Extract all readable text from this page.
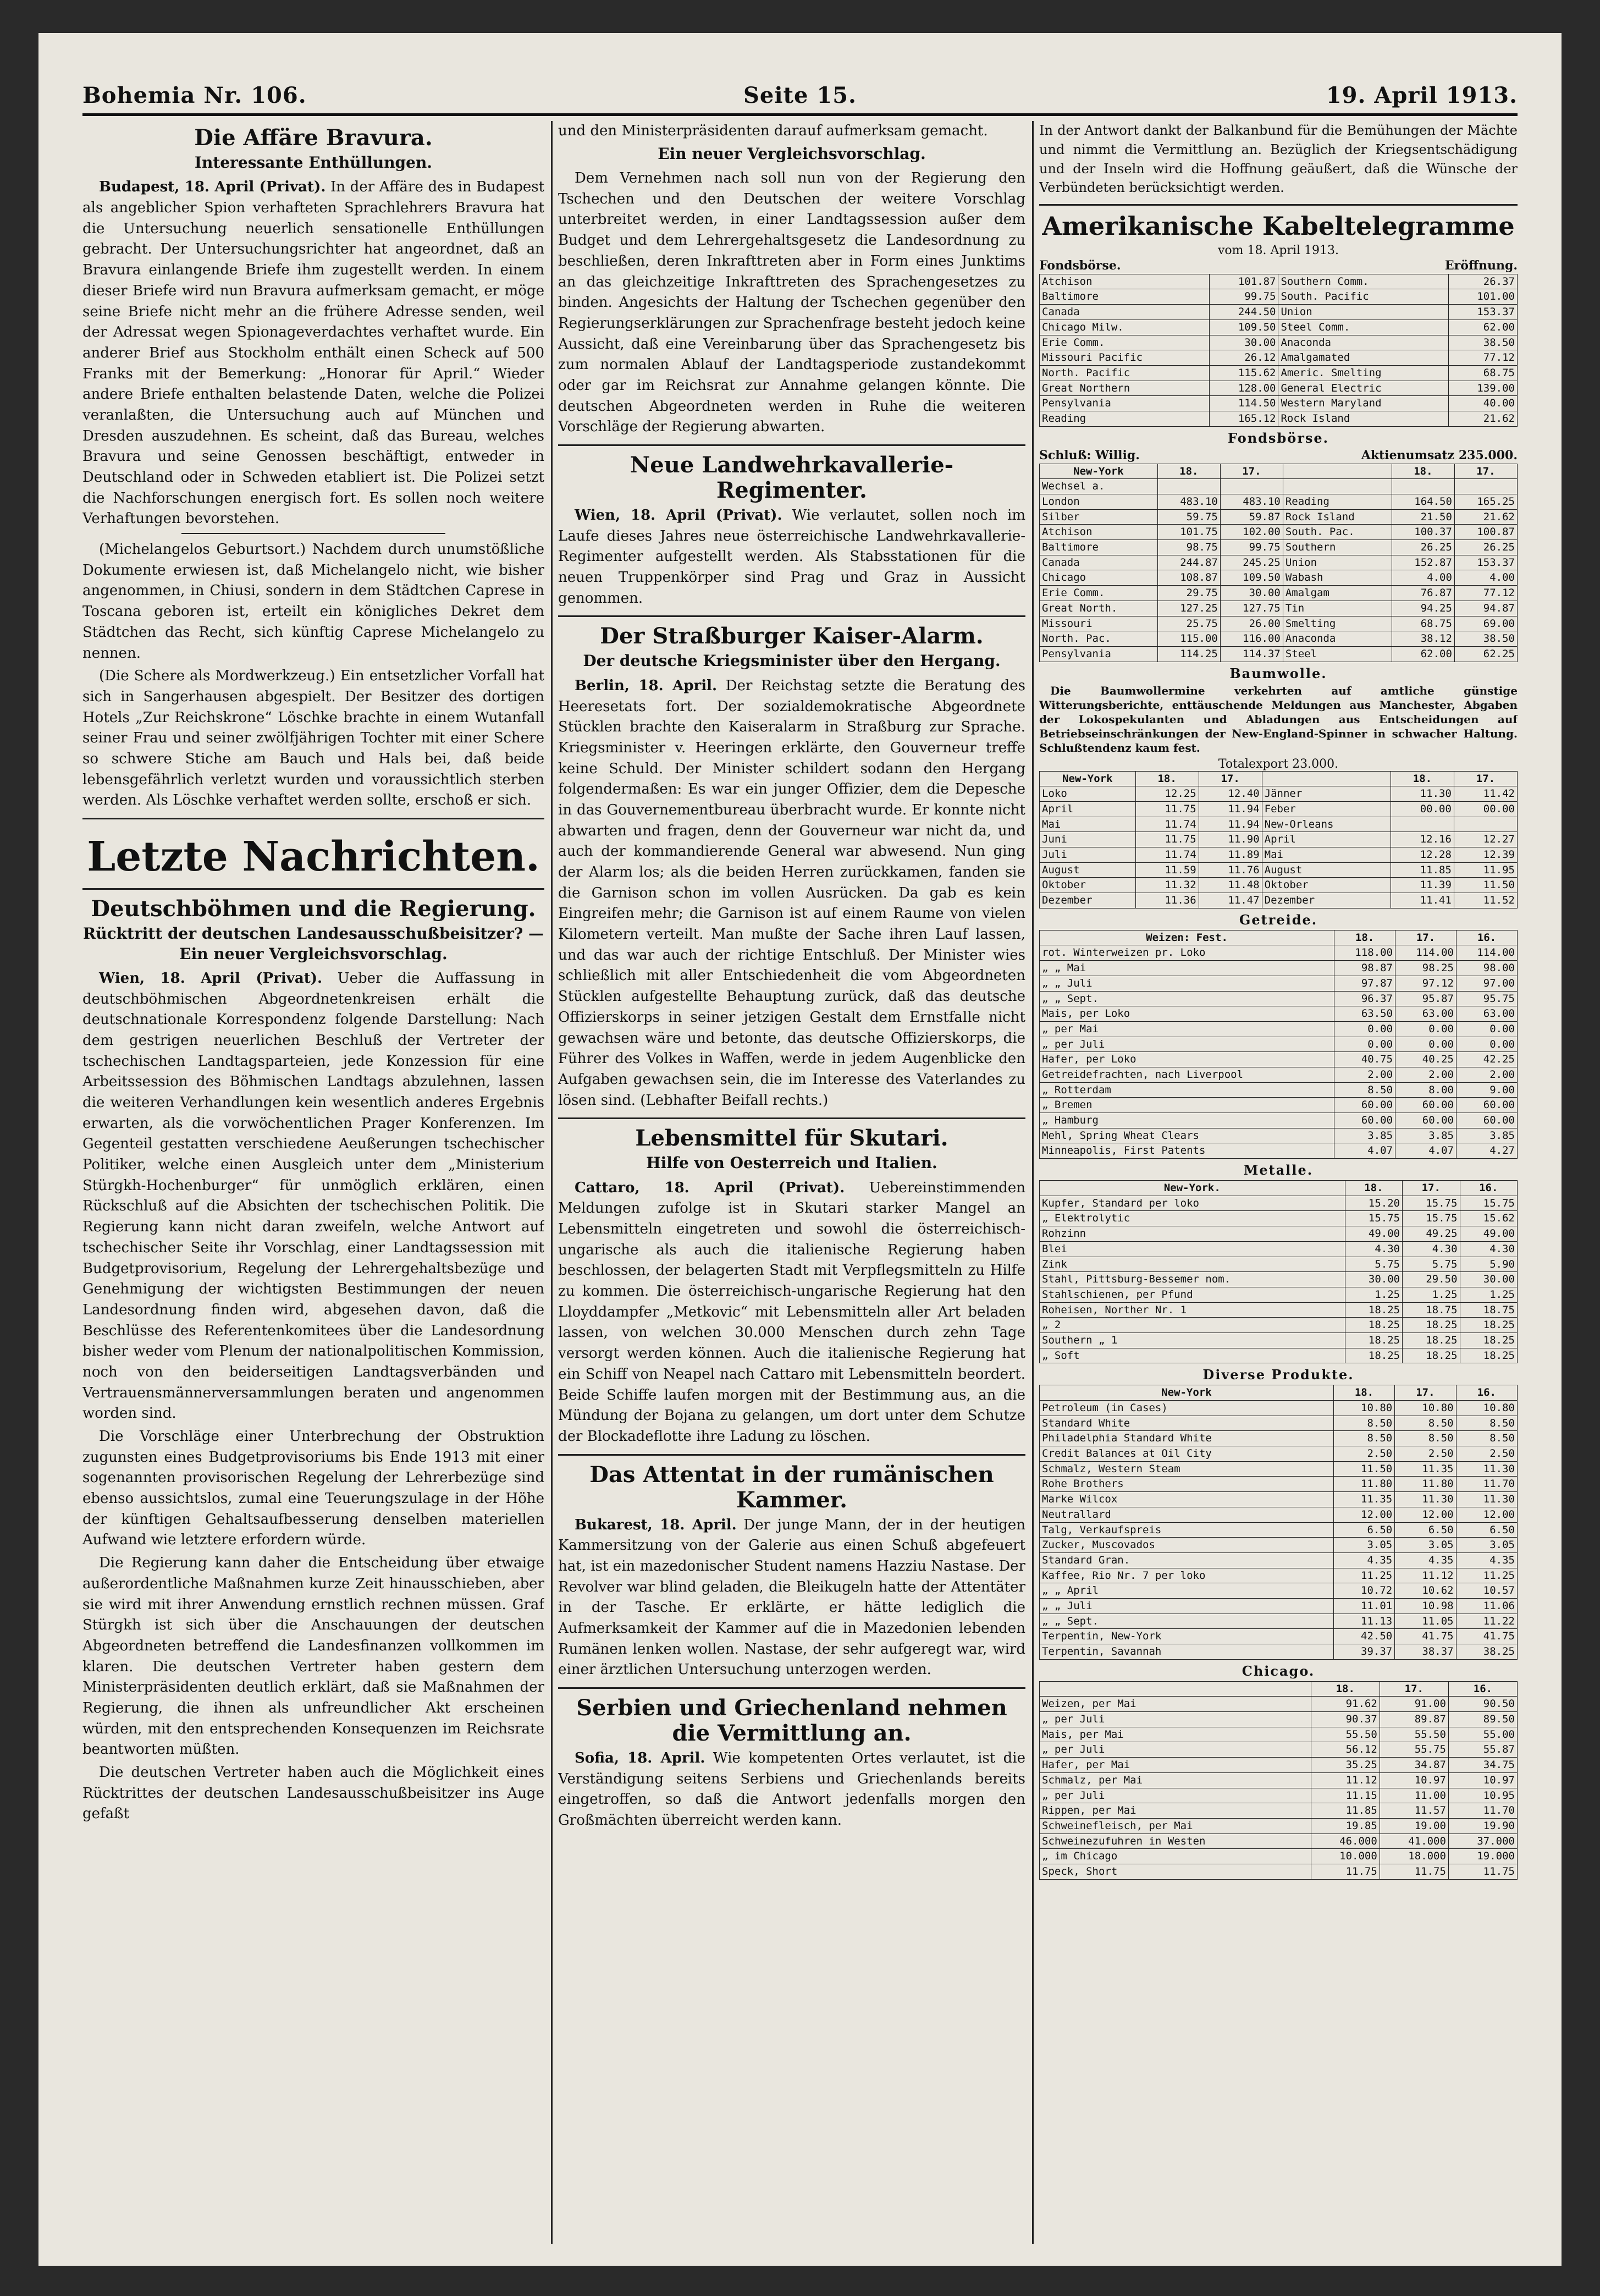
Bohemia Nr. 106.	Seite 15.	19. April 1913.
Die Affäre Bravura.
Interessante Enthüllungen.

Budapest, 18. April (Privat). In der Affäre des in Budapest als angeblicher Spion verhafteten Sprachlehrers Bravura hat die Untersuchung neuerlich sensationelle Enthüllungen gebracht. Der Untersuchungsrichter hat angeordnet, daß an Bravura einlangende Briefe ihm zugestellt werden. In einem dieser Briefe wird nun Bravura aufmerksam gemacht, er möge seine Briefe nicht mehr an die frühere Adresse senden, weil der Adressat wegen Spionageverdachtes verhaftet wurde. Ein anderer Brief aus Stockholm enthält einen Scheck auf 500 Franks mit der Bemerkung: „Honorar für April.“ Wieder andere Briefe enthalten belastende Daten, welche die Polizei veranlaßten, die Untersuchung auch auf München und Dresden auszudehnen. Es scheint, daß das Bureau, welches Bravura und seine Genossen beschäftigt, entweder in Deutschland oder in Schweden etabliert ist. Die Polizei setzt die Nachforschungen energisch fort. Es sollen noch weitere Verhaftungen bevorstehen.

(Michelangelos Geburtsort.) Nachdem durch unumstößliche Dokumente erwiesen ist, daß Michelangelo nicht, wie bisher angenommen, in Chiusi, sondern in dem Städtchen Caprese in Toscana geboren ist, erteilt ein königliches Dekret dem Städtchen das Recht, sich künftig Caprese Michelangelo zu nennen.

(Die Schere als Mordwerkzeug.) Ein entsetzlicher Vorfall hat sich in Sangerhausen abgespielt. Der Besitzer des dortigen Hotels „Zur Reichskrone“ Löschke brachte in einem Wutanfall seiner Frau und seiner zwölfjährigen Tochter mit einer Schere so schwere Stiche am Bauch und Hals bei, daß beide lebensgefährlich verletzt wurden und voraussichtlich sterben werden. Als Löschke verhaftet werden sollte, erschoß er sich.

Letzte Nachrichten.
Deutschböhmen und die Regierung.
Rücktritt der deutschen Landesausschußbeisitzer? — Ein neuer Vergleichsvorschlag.

Wien, 18. April (Privat). Ueber die Auffassung in deutschböhmischen Abgeordnetenkreisen erhält die deutschnationale Korrespondenz folgende Darstellung: Nach dem gestrigen neuerlichen Beschluß der Vertreter der tschechischen Landtagsparteien, jede Konzession für eine Arbeitssession des Böhmischen Landtags abzulehnen, lassen die weiteren Verhandlungen kein wesentlich anderes Ergebnis erwarten, als die vorwöchentlichen Prager Konferenzen. Im Gegenteil gestatten verschiedene Aeußerungen tschechischer Politiker, welche einen Ausgleich unter dem „Ministerium Stürgkh-Hochenburger“ für unmöglich erklären, einen Rückschluß auf die Absichten der tschechischen Politik. Die Regierung kann nicht daran zweifeln, welche Antwort auf tschechischer Seite ihr Vorschlag, einer Landtagssession mit Budgetprovisorium, Regelung der Lehrergehaltsbezüge und Genehmigung der wichtigsten Bestimmungen der neuen Landesordnung finden wird, abgesehen davon, daß die Beschlüsse des Referentenkomitees über die Landesordnung bisher weder vom Plenum der nationalpolitischen Kommission, noch von den beiderseitigen Landtagsverbänden und Vertrauensmännerversammlungen beraten und angenommen worden sind.

Die Vorschläge einer Unterbrechung der Obstruktion zugunsten eines Budgetprovisoriums bis Ende 1913 mit einer sogenannten provisorischen Regelung der Lehrerbezüge sind ebenso aussichtslos, zumal eine Teuerungszulage in der Höhe der künftigen Gehaltsaufbesserung denselben materiellen Aufwand wie letztere erfordern würde.

Die Regierung kann daher die Entscheidung über etwaige außerordentliche Maßnahmen kurze Zeit hinausschieben, aber sie wird mit ihrer Anwendung ernstlich rechnen müssen. Graf Stürgkh ist sich über die Anschauungen der deutschen Abgeordneten betreffend die Landesfinanzen vollkommen im klaren. Die deutschen Vertreter haben gestern dem Ministerpräsidenten deutlich erklärt, daß sie Maßnahmen der Regierung, die ihnen als unfreundlicher Akt erscheinen würden, mit den entsprechenden Konsequenzen im Reichsrate beantworten müßten.

Die deutschen Vertreter haben auch die Möglichkeit eines Rücktrittes der deutschen Landesausschußbeisitzer ins Auge gefaßt

und den Ministerpräsidenten darauf aufmerksam gemacht.

Ein neuer Vergleichsvorschlag.

Dem Vernehmen nach soll nun von der Regierung den Tschechen und den Deutschen der weitere Vorschlag unterbreitet werden, in einer Landtagssession außer dem Budget und dem Lehrergehaltsgesetz die Landesordnung zu beschließen, deren Inkrafttreten aber in Form eines Junktims an das gleichzeitige Inkrafttreten des Sprachengesetzes zu binden. Angesichts der Haltung der Tschechen gegenüber den Regierungserklärungen zur Sprachenfrage besteht jedoch keine Aussicht, daß eine Vereinbarung über das Sprachengesetz bis zum normalen Ablauf der Landtagsperiode zustandekommt oder gar im Reichsrat zur Annahme gelangen könnte. Die deutschen Abgeordneten werden in Ruhe die weiteren Vorschläge der Regierung abwarten.

Neue Landwehrkavallerie-Regimenter.

Wien, 18. April (Privat). Wie verlautet, sollen noch im Laufe dieses Jahres neue österreichische Landwehrkavallerie-Regimenter aufgestellt werden. Als Stabsstationen für die neuen Truppenkörper sind Prag und Graz in Aussicht genommen.

Der Straßburger Kaiser-Alarm.
Der deutsche Kriegsminister über den Hergang.

Berlin, 18. April. Der Reichstag setzte die Beratung des Heeresetats fort. Der sozialdemokratische Abgeordnete Stücklen brachte den Kaiseralarm in Straßburg zur Sprache. Kriegsminister v. Heeringen erklärte, den Gouverneur treffe keine Schuld. Der Minister schildert sodann den Hergang folgendermaßen: Es war ein junger Offizier, dem die Depesche in das Gouvernementbureau überbracht wurde. Er konnte nicht abwarten und fragen, denn der Gouverneur war nicht da, und auch der kommandierende General war abwesend. Nun ging der Alarm los; als die beiden Herren zurückkamen, fanden sie die Garnison schon im vollen Ausrücken. Da gab es kein Eingreifen mehr; die Garnison ist auf einem Raume von vielen Kilometern verteilt. Man mußte der Sache ihren Lauf lassen, und das war auch der richtige Entschluß. Der Minister wies schließlich mit aller Entschiedenheit die vom Abgeordneten Stücklen aufgestellte Behauptung zurück, daß das deutsche Offizierskorps in seiner jetzigen Gestalt dem Ernstfalle nicht gewachsen wäre und betonte, das deutsche Offizierskorps, die Führer des Volkes in Waffen, werde in jedem Augenblicke den Aufgaben gewachsen sein, die im Interesse des Vaterlandes zu lösen sind. (Lebhafter Beifall rechts.)

Lebensmittel für Skutari.
Hilfe von Oesterreich und Italien.

Cattaro, 18. April (Privat). Uebereinstimmenden Meldungen zufolge ist in Skutari starker Mangel an Lebensmitteln eingetreten und sowohl die österreichisch-ungarische als auch die italienische Regierung haben beschlossen, der belagerten Stadt mit Verpflegsmitteln zu Hilfe zu kommen. Die österreichisch-ungarische Regierung hat den Lloyddampfer „Metkovic“ mit Lebensmitteln aller Art beladen lassen, von welchen 30.000 Menschen durch zehn Tage versorgt werden können. Auch die italienische Regierung hat ein Schiff von Neapel nach Cattaro mit Lebensmitteln beordert. Beide Schiffe laufen morgen mit der Bestimmung aus, an die Mündung der Bojana zu gelangen, um dort unter dem Schutze der Blockadeflotte ihre Ladung zu löschen.

Das Attentat in der rumänischen Kammer.

Bukarest, 18. April. Der junge Mann, der in der heutigen Kammersitzung von der Galerie aus einen Schuß abgefeuert hat, ist ein mazedonischer Student namens Hazziu Nastase. Der Revolver war blind geladen, die Bleikugeln hatte der Attentäter in der Tasche. Er erklärte, er hätte lediglich die Aufmerksamkeit der Kammer auf die in Mazedonien lebenden Rumänen lenken wollen. Nastase, der sehr aufgeregt war, wird einer ärztlichen Untersuchung unterzogen werden.

Serbien und Griechenland nehmen die Vermittlung an.

Sofia, 18. April. Wie kompetenten Ortes verlautet, ist die Verständigung seitens Serbiens und Griechenlands bereits eingetroffen, so daß die Antwort jedenfalls morgen den Großmächten überreicht werden kann.

In der Antwort dankt der Balkanbund für die Bemühungen der Mächte und nimmt die Vermittlung an. Bezüglich der Kriegsentschädigung und der Inseln wird die Hoffnung geäußert, daß die Wünsche der Verbündeten berücksichtigt werden.

Amerikanische Kabeltelegramme
vom 18. April 1913.
Fondsbörse.	Eröffnung.
Atchison	101.87	Southern Comm.	26.37
Baltimore	99.75	South. Pacific	101.00
Canada	244.50	Union	153.37
Chicago Milw.	109.50	Steel Comm.	62.00
Erie Comm.	30.00	Anaconda	38.50
Missouri Pacific	26.12	Amalgamated	77.12
North. Pacific	115.62	Americ. Smelting	68.75
Great Northern	128.00	General Electric	139.00
Pensylvania	114.50	Western Maryland	40.00
Reading	165.12	Rock Island	21.62
Fondsbörse.
Schluß: Willig.	Aktienumsatz 235.000.
New-York	18.	17.		18.	17.
Wechsel a.					
London	483.10	483.10	Reading	164.50	165.25
Silber	59.75	59.87	Rock Island	21.50	21.62
Atchison	101.75	102.00	South. Pac.	100.37	100.87
Baltimore	98.75	99.75	Southern	26.25	26.25
Canada	244.87	245.25	Union	152.87	153.37
Chicago	108.87	109.50	Wabash	4.00	4.00
Erie Comm.	29.75	30.00	Amalgam	76.87	77.12
Great North.	127.25	127.75	Tin	94.25	94.87
Missouri	25.75	26.00	Smelting	68.75	69.00
North. Pac.	115.00	116.00	Anaconda	38.12	38.50
Pensylvania	114.25	114.37	Steel	62.00	62.25
Baumwolle.

Die Baumwollermine verkehrten auf amtliche günstige Witterungsberichte, enttäuschende Meldungen aus Manchester, Abgaben der Lokospekulanten und Abladungen aus Entscheidungen auf Betriebseinschränkungen der New-England-Spinner in schwacher Haltung. Schlußtendenz kaum fest.

Totalexport 23.000.
New-York	18.	17.		18.	17.
Loko	12.25	12.40	Jänner	11.30	11.42
April	11.75	11.94	Feber	00.00	00.00
Mai	11.74	11.94	New-Orleans		
Juni	11.75	11.90	April	12.16	12.27
Juli	11.74	11.89	Mai	12.28	12.39
August	11.59	11.76	August	11.85	11.95
Oktober	11.32	11.48	Oktober	11.39	11.50
Dezember	11.36	11.47	Dezember	11.41	11.52
Getreide.
Weizen: Fest.	18.	17.	16.
rot. Winterweizen pr. Loko	118.00	114.00	114.00
„ „ Mai	98.87	98.25	98.00
„ „ Juli	97.87	97.12	97.00
„ „ Sept.	96.37	95.87	95.75
Mais, per Loko	63.50	63.00	63.00
„ per Mai	0.00	0.00	0.00
„ per Juli	0.00	0.00	0.00
Hafer, per Loko	40.75	40.25	42.25
Getreidefrachten, nach Liverpool	2.00	2.00	2.00
„ Rotterdam	8.50	8.00	9.00
„ Bremen	60.00	60.00	60.00
„ Hamburg	60.00	60.00	60.00
Mehl, Spring Wheat Clears	3.85	3.85	3.85
Minneapolis, First Patents	4.07	4.07	4.27
Metalle.
New-York.	18.	17.	16.
Kupfer, Standard per loko	15.20	15.75	15.75
„ Elektrolytic	15.75	15.75	15.62
Rohzinn	49.00	49.25	49.00
Blei	4.30	4.30	4.30
Zink	5.75	5.75	5.90
Stahl, Pittsburg-Bessemer nom.	30.00	29.50	30.00
Stahlschienen, per Pfund	1.25	1.25	1.25
Roheisen, Norther Nr. 1	18.25	18.75	18.75
„ 2	18.25	18.25	18.25
Southern „ 1	18.25	18.25	18.25
„ Soft	18.25	18.25	18.25
Diverse Produkte.
New-York	18.	17.	16.
Petroleum (in Cases)	10.80	10.80	10.80
Standard White	8.50	8.50	8.50
Philadelphia Standard White	8.50	8.50	8.50
Credit Balances at Oil City	2.50	2.50	2.50
Schmalz, Western Steam	11.50	11.35	11.30
Rohe Brothers	11.80	11.80	11.70
Marke Wilcox	11.35	11.30	11.30
Neutrallard	12.00	12.00	12.00
Talg, Verkaufspreis	6.50	6.50	6.50
Zucker, Muscovados	3.05	3.05	3.05
Standard Gran.	4.35	4.35	4.35
Kaffee, Rio Nr. 7 per loko	11.25	11.12	11.25
„ „ April	10.72	10.62	10.57
„ „ Juli	11.01	10.98	11.06
„ „ Sept.	11.13	11.05	11.22
Terpentin, New-York	42.50	41.75	41.75
Terpentin, Savannah	39.37	38.37	38.25
Chicago.
	18.	17.	16.
Weizen, per Mai	91.62	91.00	90.50
„ per Juli	90.37	89.87	89.50
Mais, per Mai	55.50	55.50	55.00
„ per Juli	56.12	55.75	55.87
Hafer, per Mai	35.25	34.87	34.75
Schmalz, per Mai	11.12	10.97	10.97
„ per Juli	11.15	11.00	10.95
Rippen, per Mai	11.85	11.57	11.70
Schweinefleisch, per Mai	19.85	19.00	19.90
Schweinezufuhren in Westen	46.000	41.000	37.000
„ im Chicago	10.000	18.000	19.000
Speck, Short	11.75	11.75	11.75
